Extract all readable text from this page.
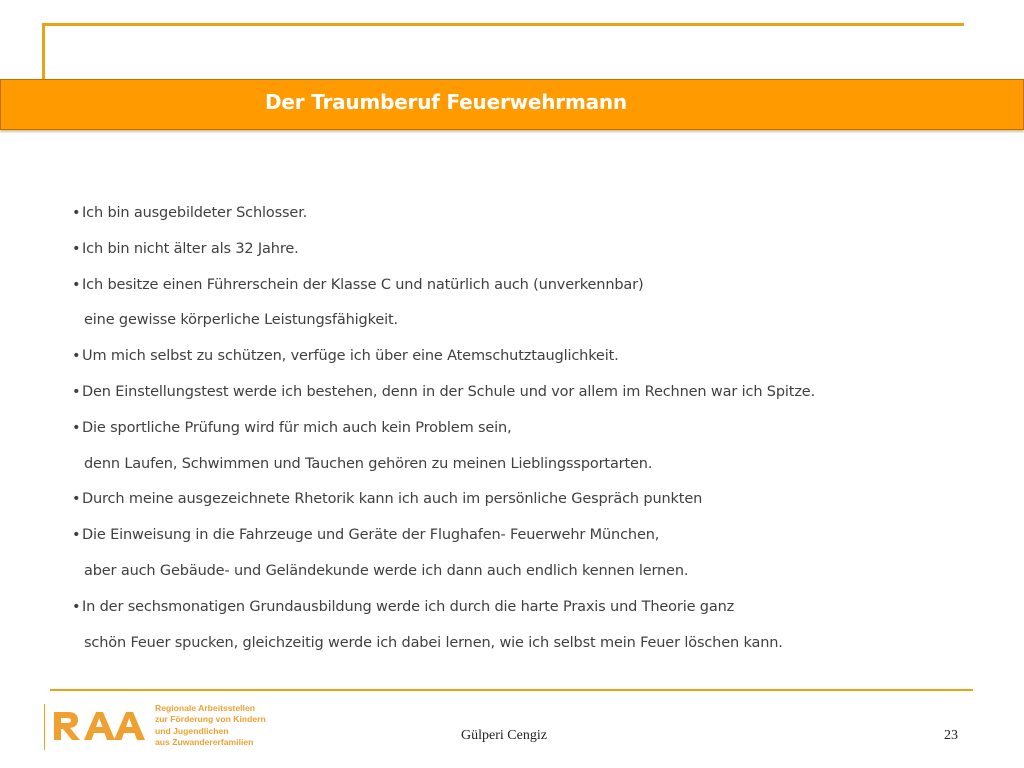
Der Traumberuf Feuerwehrmann
• Ich bin ausgebildeter Schlosser.
• Ich bin nicht älter als 32 Jahre.
• Ich besitze einen Führerschein der Klasse C und natürlich auch (unverkennbar)
eine gewisse körperliche Leistungsfähigkeit.
• Um mich selbst zu schützen, verfüge ich über eine Atemschutztauglichkeit.
• Den Einstellungstest werde ich bestehen, denn in der Schule und vor allem im Rechnen war ich Spitze.
• Die sportliche Prüfung wird für mich auch kein Problem sein,
denn Laufen, Schwimmen und Tauchen gehören zu meinen Lieblingssportarten.
• Durch meine ausgezeichnete Rhetorik kann ich auch im persönliche Gespräch punkten
• Die Einweisung in die Fahrzeuge und Geräte der Flughafen- Feuerwehr München,
aber auch Gebäude- und Geländekunde werde ich dann auch endlich kennen lernen.
• In der sechsmonatigen Grundausbildung werde ich durch die harte Praxis und Theorie ganz
schön Feuer spucken, gleichzeitig werde ich dabei lernen, wie ich selbst mein Feuer löschen kann.
Regionale Arbeitsstellen
zur Förderung von Kindern
und Jugendlichen
aus Zuwandererfamilien	Gülperi Cengiz	23
